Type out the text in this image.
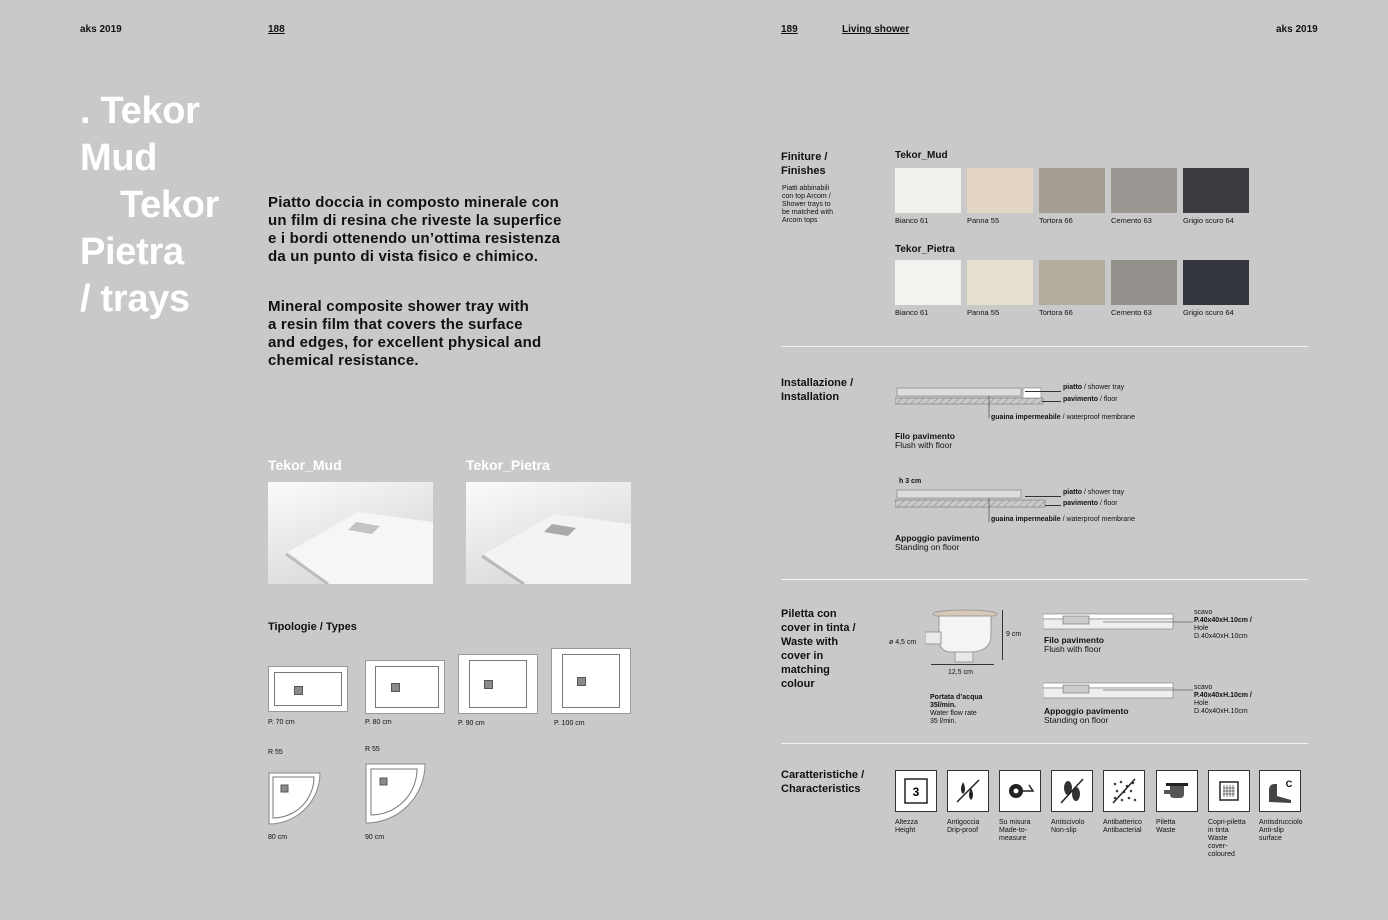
aks 2019	188
. Tekor
Mud
Tekor
Pietra
/ trays
Piatto doccia in composto minerale con
un film di resina che riveste la superfice
e i bordi ottenendo un’ottima resistenza
da un punto di vista fisico e chimico.
Mineral composite shower tray with
a resin film that covers the surface
and edges, for excellent physical and
chemical resistance.
Tekor_Mud	Tekor_Pietra
Tipologie / Types
P. 70 cm	P. 80 cm	P. 90 cm	P. 100 cm
R 55
80 cm
R 55
90 cm
189	Living shower	aks 2019
Finiture /
Finishes
Piatti abbinabili
con top Arcom /
Shower trays to
be matched with
Arcom tops
Tekor_Mud
Bianco 61	Panna 55	Tortora 66	Cemento 63	Grigio scuro 64
Tekor_Pietra
Bianco 61	Panna 55	Tortora 66	Cemento 63	Grigio scuro 64
Installazione /
Installation
piatto / shower tray
pavimento / floor
guaina impermeabile / waterproof membrane
Filo pavimento
Flush with floor
h 3 cm
piatto / shower tray
pavimento / floor
guaina impermeabile / waterproof membrane
Appoggio pavimento
Standing on floor
Piletta con
cover in tinta /
Waste with
cover in
matching
colour
ø 4,5 cm
9 cm
12,5 cm
Portata d’acqua
35l/min.
Water flow rate
35 l/min.
Filo pavimento
Flush with floor
scavo
P.40x40xH.10cm /
Hole
D.40x40xH.10cm
Appoggio pavimento
Standing on floor
scavo
P.40x40xH.10cm /
Hole
D.40x40xH.10cm
Caratteristiche /
Characteristics	3
Altezza
Height
Antigoccia
Drip-proof
Su misura
Made-to-
measure
Antiscivolo
Non-slip
Antibatterico
Antibacterial
Piletta
Waste
Copri-piletta
in tinta
Waste
cover-
coloured
C
Antisdrucciolo
Anti-slip
surface
